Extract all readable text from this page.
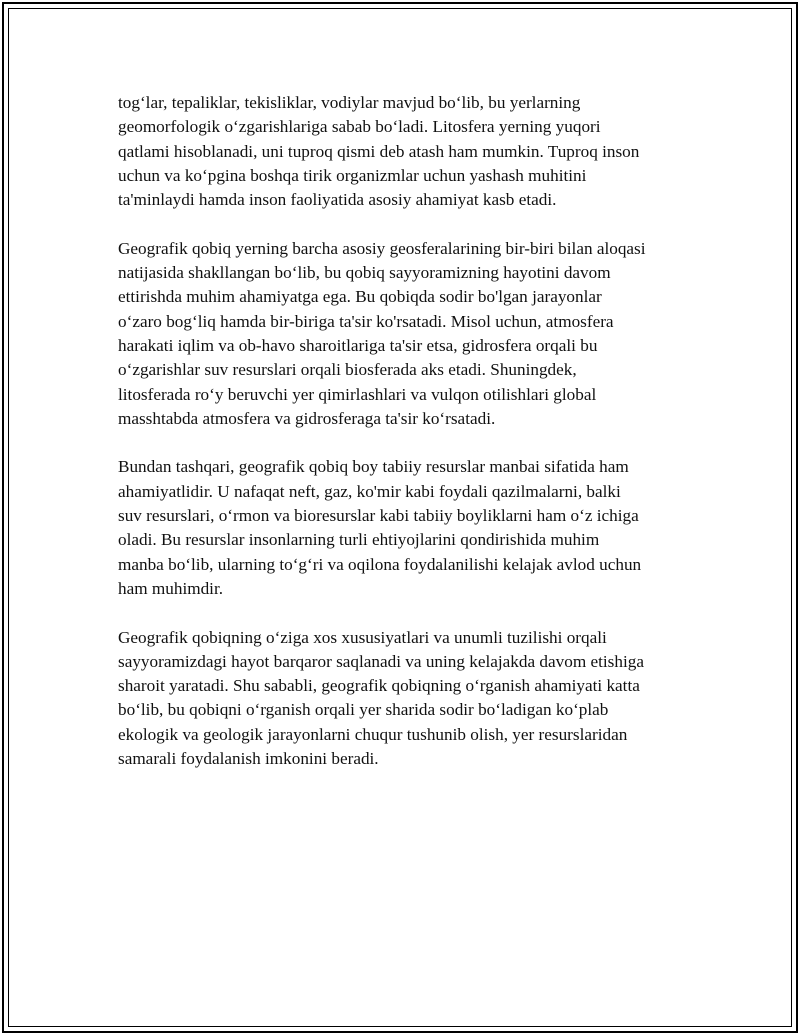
tog‘lar, tepaliklar, tekisliklar, vodiylar mavjud bo‘lib, bu yerlarning
geomorfologik o‘zgarishlariga sabab bo‘ladi. Litosfera yerning yuqori
qatlami hisoblanadi, uni tuproq qismi deb atash ham mumkin. Tuproq inson
uchun va ko‘pgina boshqa tirik organizmlar uchun yashash muhitini
ta'minlaydi hamda inson faoliyatida asosiy ahamiyat kasb etadi.

Geografik qobiq yerning barcha asosiy geosferalarining bir-biri bilan aloqasi
natijasida shakllangan bo‘lib, bu qobiq sayyoramizning hayotini davom
ettirishda muhim ahamiyatga ega. Bu qobiqda sodir bo'lgan jarayonlar
o‘zaro bog‘liq hamda bir-biriga ta'sir ko'rsatadi. Misol uchun, atmosfera
harakati iqlim va ob-havo sharoitlariga ta'sir etsa, gidrosfera orqali bu
o‘zgarishlar suv resurslari orqali biosferada aks etadi. Shuningdek,
litosferada ro‘y beruvchi yer qimirlashlari va vulqon otilishlari global
masshtabda atmosfera va gidrosferaga ta'sir ko‘rsatadi.

Bundan tashqari, geografik qobiq boy tabiiy resurslar manbai sifatida ham
ahamiyatlidir. U nafaqat neft, gaz, ko'mir kabi foydali qazilmalarni, balki
suv resurslari, o‘rmon va bioresurslar kabi tabiiy boyliklarni ham o‘z ichiga
oladi. Bu resurslar insonlarning turli ehtiyojlarini qondirishida muhim
manba bo‘lib, ularning to‘g‘ri va oqilona foydalanilishi kelajak avlod uchun
ham muhimdir.

Geografik qobiqning o‘ziga xos xususiyatlari va unumli tuzilishi orqali
sayyoramizdagi hayot barqaror saqlanadi va uning kelajakda davom etishiga
sharoit yaratadi. Shu sababli, geografik qobiqning o‘rganish ahamiyati katta
bo‘lib, bu qobiqni o‘rganish orqali yer sharida sodir bo‘ladigan ko‘plab
ekologik va geologik jarayonlarni chuqur tushunib olish, yer resurslaridan
samarali foydalanish imkonini beradi.
